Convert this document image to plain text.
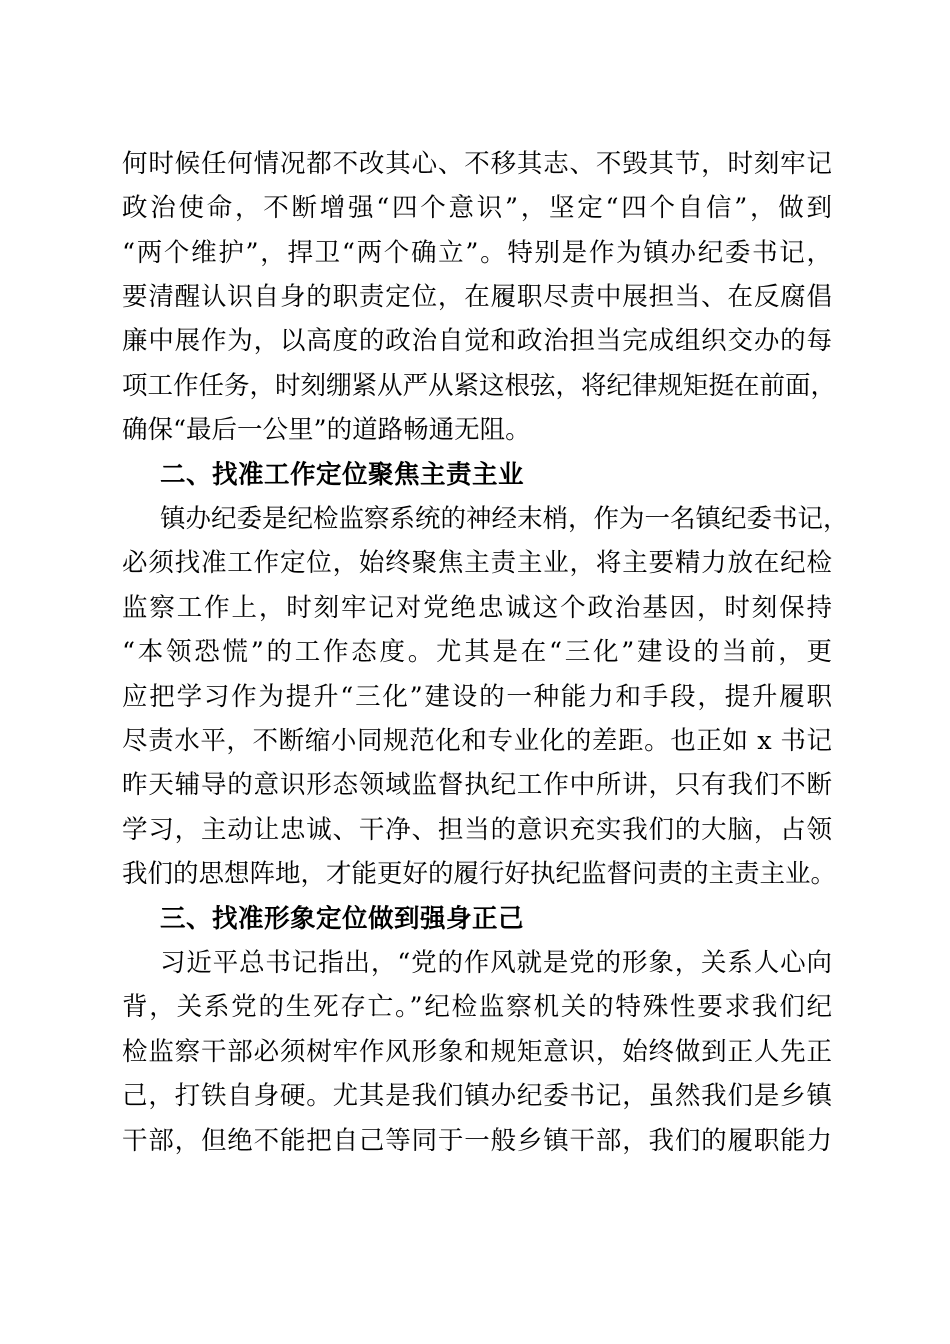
何时候任何情况都不改其心、不移其志、不毁其节，时刻牢记
政治使命，不断增强“四个意识”，坚定“四个自信”，做到
“两个维护”，捍卫“两个确立”。特别是作为镇办纪委书记，
要清醒认识自身的职责定位，在履职尽责中展担当、在反腐倡
廉中展作为，以高度的政治自觉和政治担当完成组织交办的每
项工作任务，时刻绷紧从严从紧这根弦，将纪律规矩挺在前面，
确保“最后一公里”的道路畅通无阻。
二、找准工作定位聚焦主责主业
镇办纪委是纪检监察系统的神经末梢，作为一名镇纪委书记，
必须找准工作定位，始终聚焦主责主业，将主要精力放在纪检
监察工作上，时刻牢记对党绝忠诚这个政治基因，时刻保持
“本领恐慌”的工作态度。尤其是在“三化”建设的当前，更
应把学习作为提升“三化”建设的一种能力和手段，提升履职
尽责水平，不断缩小同规范化和专业化的差距。也正如 x 书记
昨天辅导的意识形态领域监督执纪工作中所讲，只有我们不断
学习，主动让忠诚、干净、担当的意识充实我们的大脑，占领
我们的思想阵地，才能更好的履行好执纪监督问责的主责主业。
三、找准形象定位做到强身正己
习近平总书记指出，“党的作风就是党的形象，关系人心向
背，关系党的生死存亡。”纪检监察机关的特殊性要求我们纪
检监察干部必须树牢作风形象和规矩意识，始终做到正人先正
己，打铁自身硬。尤其是我们镇办纪委书记，虽然我们是乡镇
干部，但绝不能把自己等同于一般乡镇干部，我们的履职能力
